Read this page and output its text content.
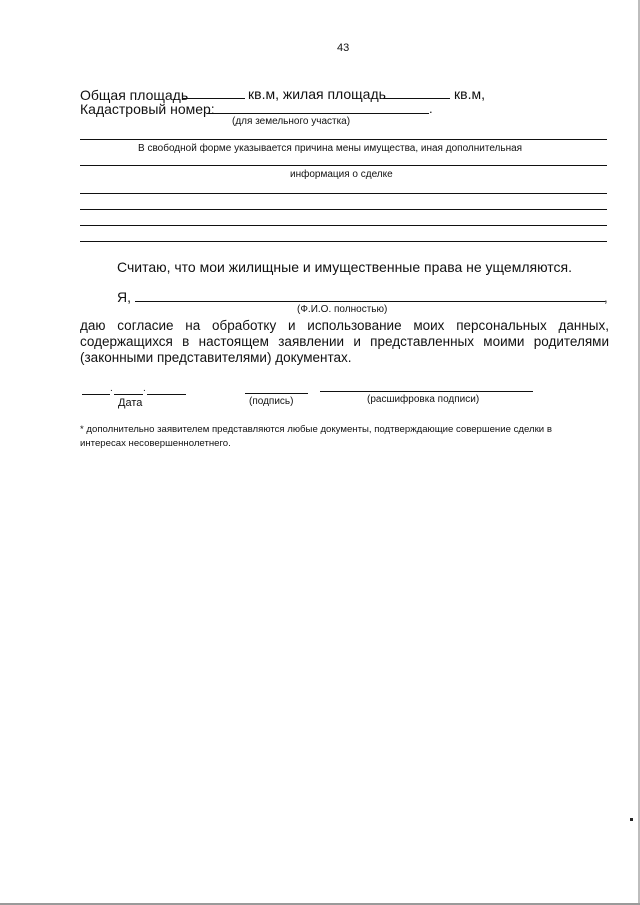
43
Общая площадь	кв.м, жилая площадь	кв.м,
Кадастровый номер:	.
(для земельного участка)
В свободной форме указывается причина мены имущества, иная дополнительная
информация о сделке
Считаю, что мои жилищные и имущественные права не ущемляются.
Я,	,
(Ф.И.О. полностью)
даю согласие на обработку и использование моих персональных данных,
содержащихся в настоящем заявлении и представленных моими родителями
(законными представителями) документах.
.	.
Дата	(подпись)	(расшифровка подписи)
* дополнительно заявителем представляются любые документы, подтверждающие совершение сделки в
интересах несовершеннолетнего.
